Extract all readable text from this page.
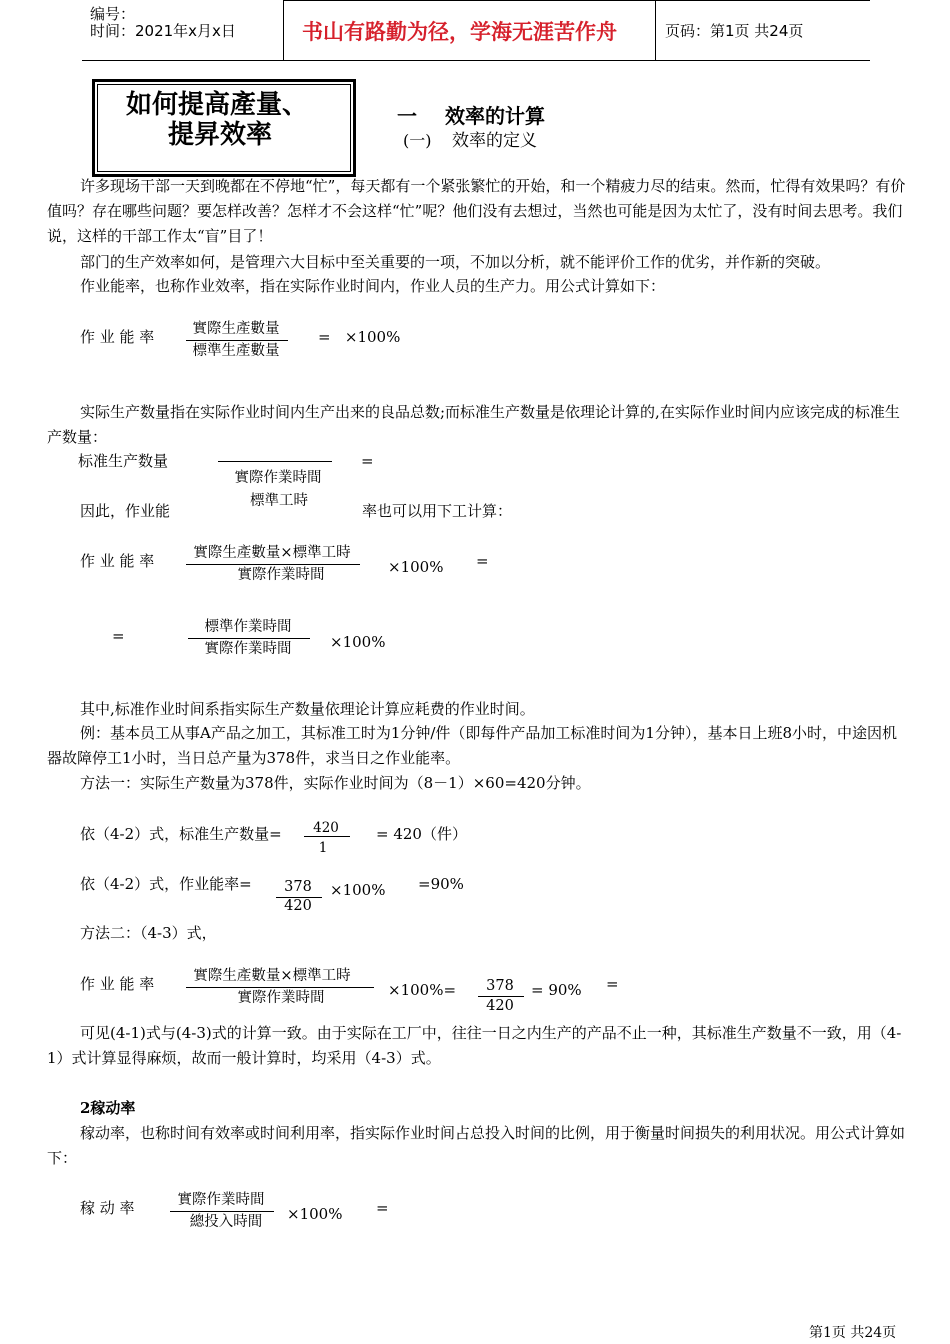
编号：
时间：2021年x月x日	书山有路勤为径，学海无涯苦作舟	页码：第1页 共24页
如何提高產量、
提昇效率
一 效率的计算
(一) 效率的定义
许多现场干部一天到晚都在不停地“忙”，每天都有一个紧张繁忙的开始，和一个精疲力尽的结束。然而，忙得有效果吗？有价值吗？存在哪些问题？要怎样改善？怎样才不会这样“忙”呢？他们没有去想过，当然也可能是因为太忙了，没有时间去思考。我们说，这样的干部工作太“盲”目了！
部门的生产效率如何，是管理六大目标中至关重要的一项，不加以分析，就不能评价工作的优劣，并作新的突破。
作业能率，也称作业效率，指在实际作业时间内，作业人员的生产力。用公式计算如下：
作 业 能 率	實際生產數量
標準生產數量
=   ×100%
实际生产数量指在实际作业时间内生产出来的良品总数;而标准生产数量是依理论计算的,在实际作业时间内应该完成的标准生产数量：
标准生产数量
實際作業時間
標準工時
=
因此，作业能	率也可以用下工计算：
作 业 能 率	實際生產數量×標準工時
實際作業時間	×100% =
=	標準作業時間
實際作業時間	×100%
其中,标准作业时间系指实际生产数量依理论计算应耗费的作业时间。
例：基本员工从事A产品之加工，其标准工时为1分钟/件（即每件产品加工标准时间为1分钟），基本日上班8小时，中途因机器故障停工1小时，当日总产量为378件，求当日之作业能率。
方法一：实际生产数量为378件，实际作业时间为（8－1）×60=420分钟。
依（4-2）式，标准生产数量=	420
1
= 420（件）
依（4-2）式，作业能率=	378
420
×100% =90%
方法二：（4-3）式，
作 业 能 率	實際生產數量×標準工時
實際作業時間	×100%=	378
420
= 90% =
可见(4-1)式与(4-3)式的计算一致。由于实际在工厂中，往往一日之内生产的产品不止一种，其标准生产数量不一致，用（4-1）式计算显得麻烦，故而一般计算时，均采用（4-3）式。
2稼动率
稼动率，也称时间有效率或时间利用率，指实际作业时间占总投入时间的比例，用于衡量时间损失的利用状况。用公式计算如下：
稼 动 率	實際作業時間
總投入時間	×100% =
第1页 共24页
